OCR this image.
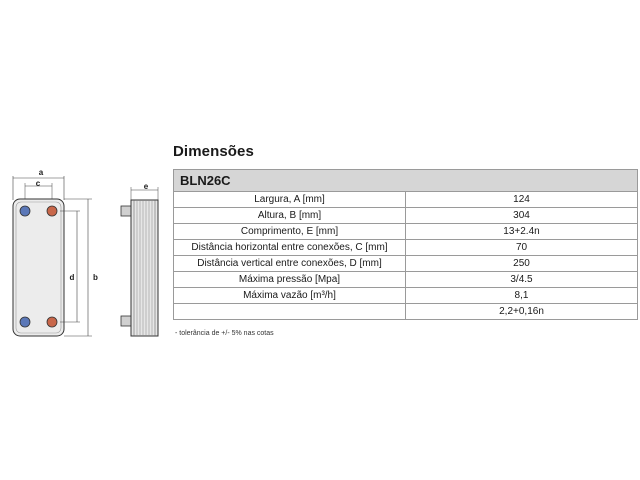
a
c
d b
e
Dimensões
BLN26C	
Largura, A [mm]	124
Altura, B [mm]	304
Comprimento, E [mm]	13+2.4n
Distância horizontal entre conexões, C [mm]	70
Distância vertical entre conexões, D [mm]	250
Máxima pressão [Mpa]	3/4.5
Máxima vazão [m³/h]	8,1
	2,2+0,16n
- tolerância de +/- 5% nas cotas
